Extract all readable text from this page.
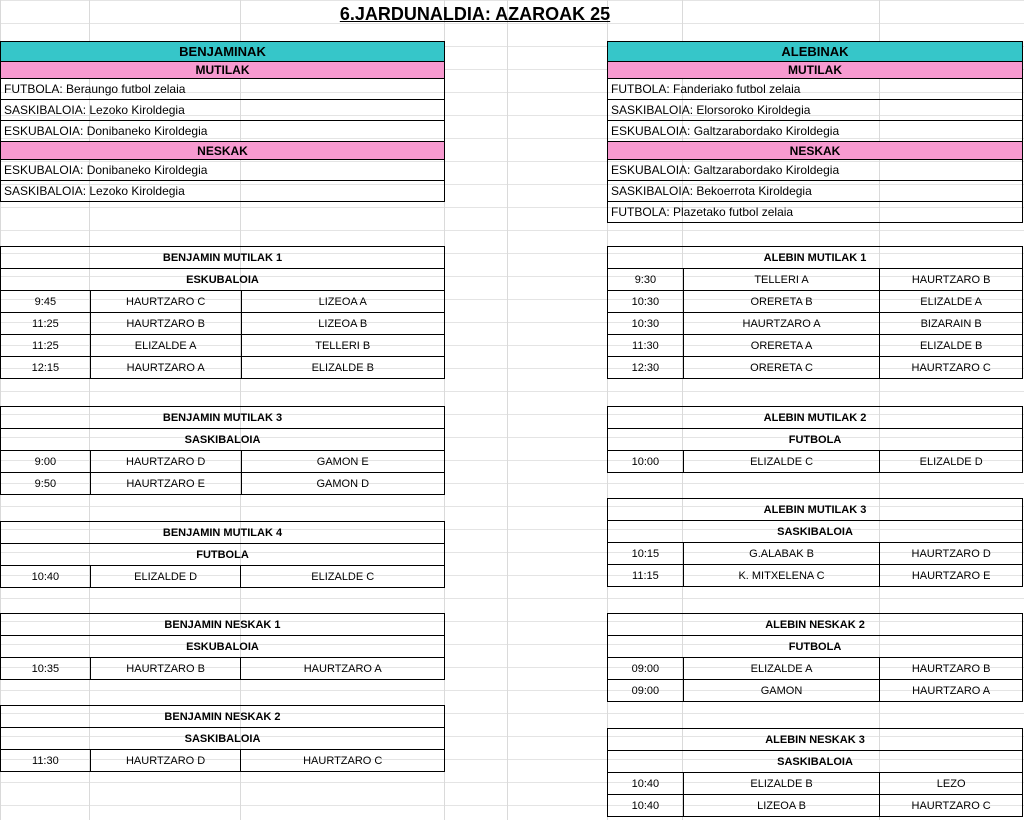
6.JARDUNALDIA: AZAROAK 25
BENJAMINAK
MUTILAK
FUTBOLA: Beraungo futbol zelaia
SASKIBALOIA: Lezoko Kiroldegia
ESKUBALOIA: Donibaneko Kiroldegia
NESKAK
ESKUBALOIA: Donibaneko Kiroldegia
SASKIBALOIA: Lezoko Kiroldegia
ALEBINAK
MUTILAK
FUTBOLA: Fanderiako futbol zelaia
SASKIBALOIA: Elorsoroko Kiroldegia
ESKUBALOIA: Galtzarabordako Kiroldegia
NESKAK
ESKUBALOIA: Galtzarabordako Kiroldegia
SASKIBALOIA: Bekoerrota Kiroldegia
FUTBOLA: Plazetako futbol zelaia
BENJAMIN MUTILAK 1		
ESKUBALOIA		
9:45	HAURTZARO C	LIZEOA A
11:25	HAURTZARO B	LIZEOA B
11:25	ELIZALDE A	TELLERI B
12:15	HAURTZARO A	ELIZALDE B
BENJAMIN MUTILAK 3		
SASKIBALOIA		
9:00	HAURTZARO D	GAMON E
9:50	HAURTZARO E	GAMON D
BENJAMIN MUTILAK 4
FUTBOLA
10:40	ELIZALDE D	ELIZALDE C
BENJAMIN NESKAK 1
ESKUBALOIA
10:35	HAURTZARO B	HAURTZARO A
BENJAMIN NESKAK 2
SASKIBALOIA
11:30	HAURTZARO D	HAURTZARO C
ALEBIN MUTILAK 1		
9:30	TELLERI A	HAURTZARO B
10:30	ORERETA B	ELIZALDE A
10:30	HAURTZARO A	BIZARAIN B
11:30	ORERETA A	ELIZALDE B
12:30	ORERETA C	HAURTZARO C
ALEBIN MUTILAK 2
FUTBOLA
10:00	ELIZALDE C	ELIZALDE D
ALEBIN MUTILAK 3		
SASKIBALOIA		
10:15	G.ALABAK B	HAURTZARO D
11:15	K. MITXELENA C	HAURTZARO E
ALEBIN NESKAK 2		
FUTBOLA		
09:00	ELIZALDE A	HAURTZARO B
09:00	GAMON	HAURTZARO A
ALEBIN NESKAK 3		
SASKIBALOIA		
10:40	ELIZALDE B	LEZO
10:40	LIZEOA B	HAURTZARO C
